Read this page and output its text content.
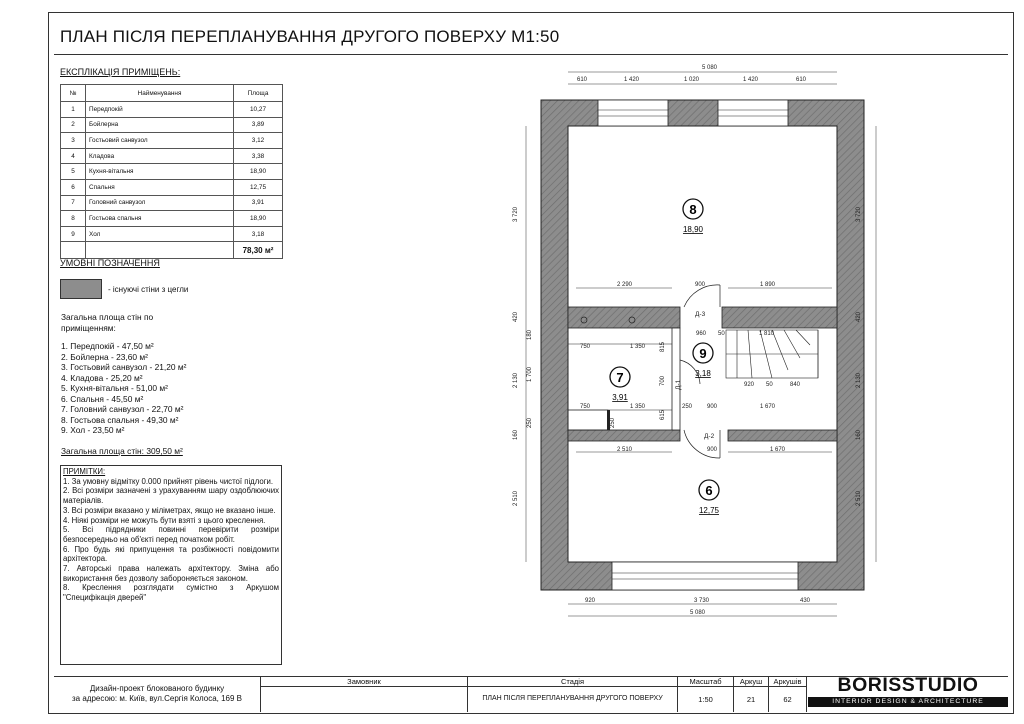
ПЛАН ПІСЛЯ ПЕРЕПЛАНУВАННЯ ДРУГОГО ПОВЕРХУ М1:50
ЕКСПЛІКАЦІЯ ПРИМІЩЕНЬ:
№	Найменування	Площа
1	Передпокій	10,27
2	Бойлерна	3,89
3	Гостьовий санвузол	3,12
4	Кладова	3,38
5	Кухня-вітальня	18,90
6	Спальня	12,75
7	Головний санвузол	3,91
8	Гостьова спальня	18,90
9	Хол	3,18
		78,30 м²
УМОВНІ ПОЗНАЧЕННЯ
- існуючі стіни з цегли
Загальна площа стін по
приміщенням:
1. Передпокій - 47,50 м²
2. Бойлерна - 23,60 м²
3. Гостьовий санвузол - 21,20 м²
4. Кладова - 25,20 м²
5. Кухня-вітальня - 51,00 м²
6. Спальня - 45,50 м²
7. Головний санвузол - 22,70 м²
8. Гостьова спальня - 49,30 м²
9. Хол - 23,50 м²
Загальна площа стін: 309,50 м²
ПРИМІТКИ:

1. За умовну відмітку 0.000 прийнят рівень чистої підлоги.

2. Всі розміри зазначені з урахуванням шару оздоблюючих матеріалів.

3. Всі розміри вказано у міліметрах, якщо не вказано інше.

4. Ніякі розміри не можуть бути взяті з цього креслення.

5. Всі підрядники повинні перевірити розміри безпосередньо на об'єкті перед початком робіт.

6. Про будь які припущення та розбіжності повідомити архітектора.

7. Авторські права належать архітектору. Зміна або використання без дозволу забороняється законом.

8. Креслення розглядати сумістно з Аркушом "Специфікація дверей"

5 080
610	1 420	1 020	1 420	610
920	3 730	430
5 080
3 720
420
2 130
160
2 510
180
1 700
250
3 720
420
2 130
160
2 510
2 290	900	1 890
960 50	1 810
750	1 350 815
700
615
920 50	840
750	1 350	250 900	1 670
2 510	900	1 670
250
Д-3
Д-1
Д-2
8
18,90
9
3,18
7
3,91
6
12,75
Дизайн-проект блокованого будинку
за адресою: м. Київ, вул.Сергія Колоса, 169 В
Замовник	Стадія
ПЛАН ПІСЛЯ ПЕРЕПЛАНУВАННЯ ДРУГОГО ПОВЕРХУ
Масштаб
1:50
Аркуш
21
Аркушів
62
BORISSTUDIO
INTERIOR DESIGN & ARCHITECTURE
